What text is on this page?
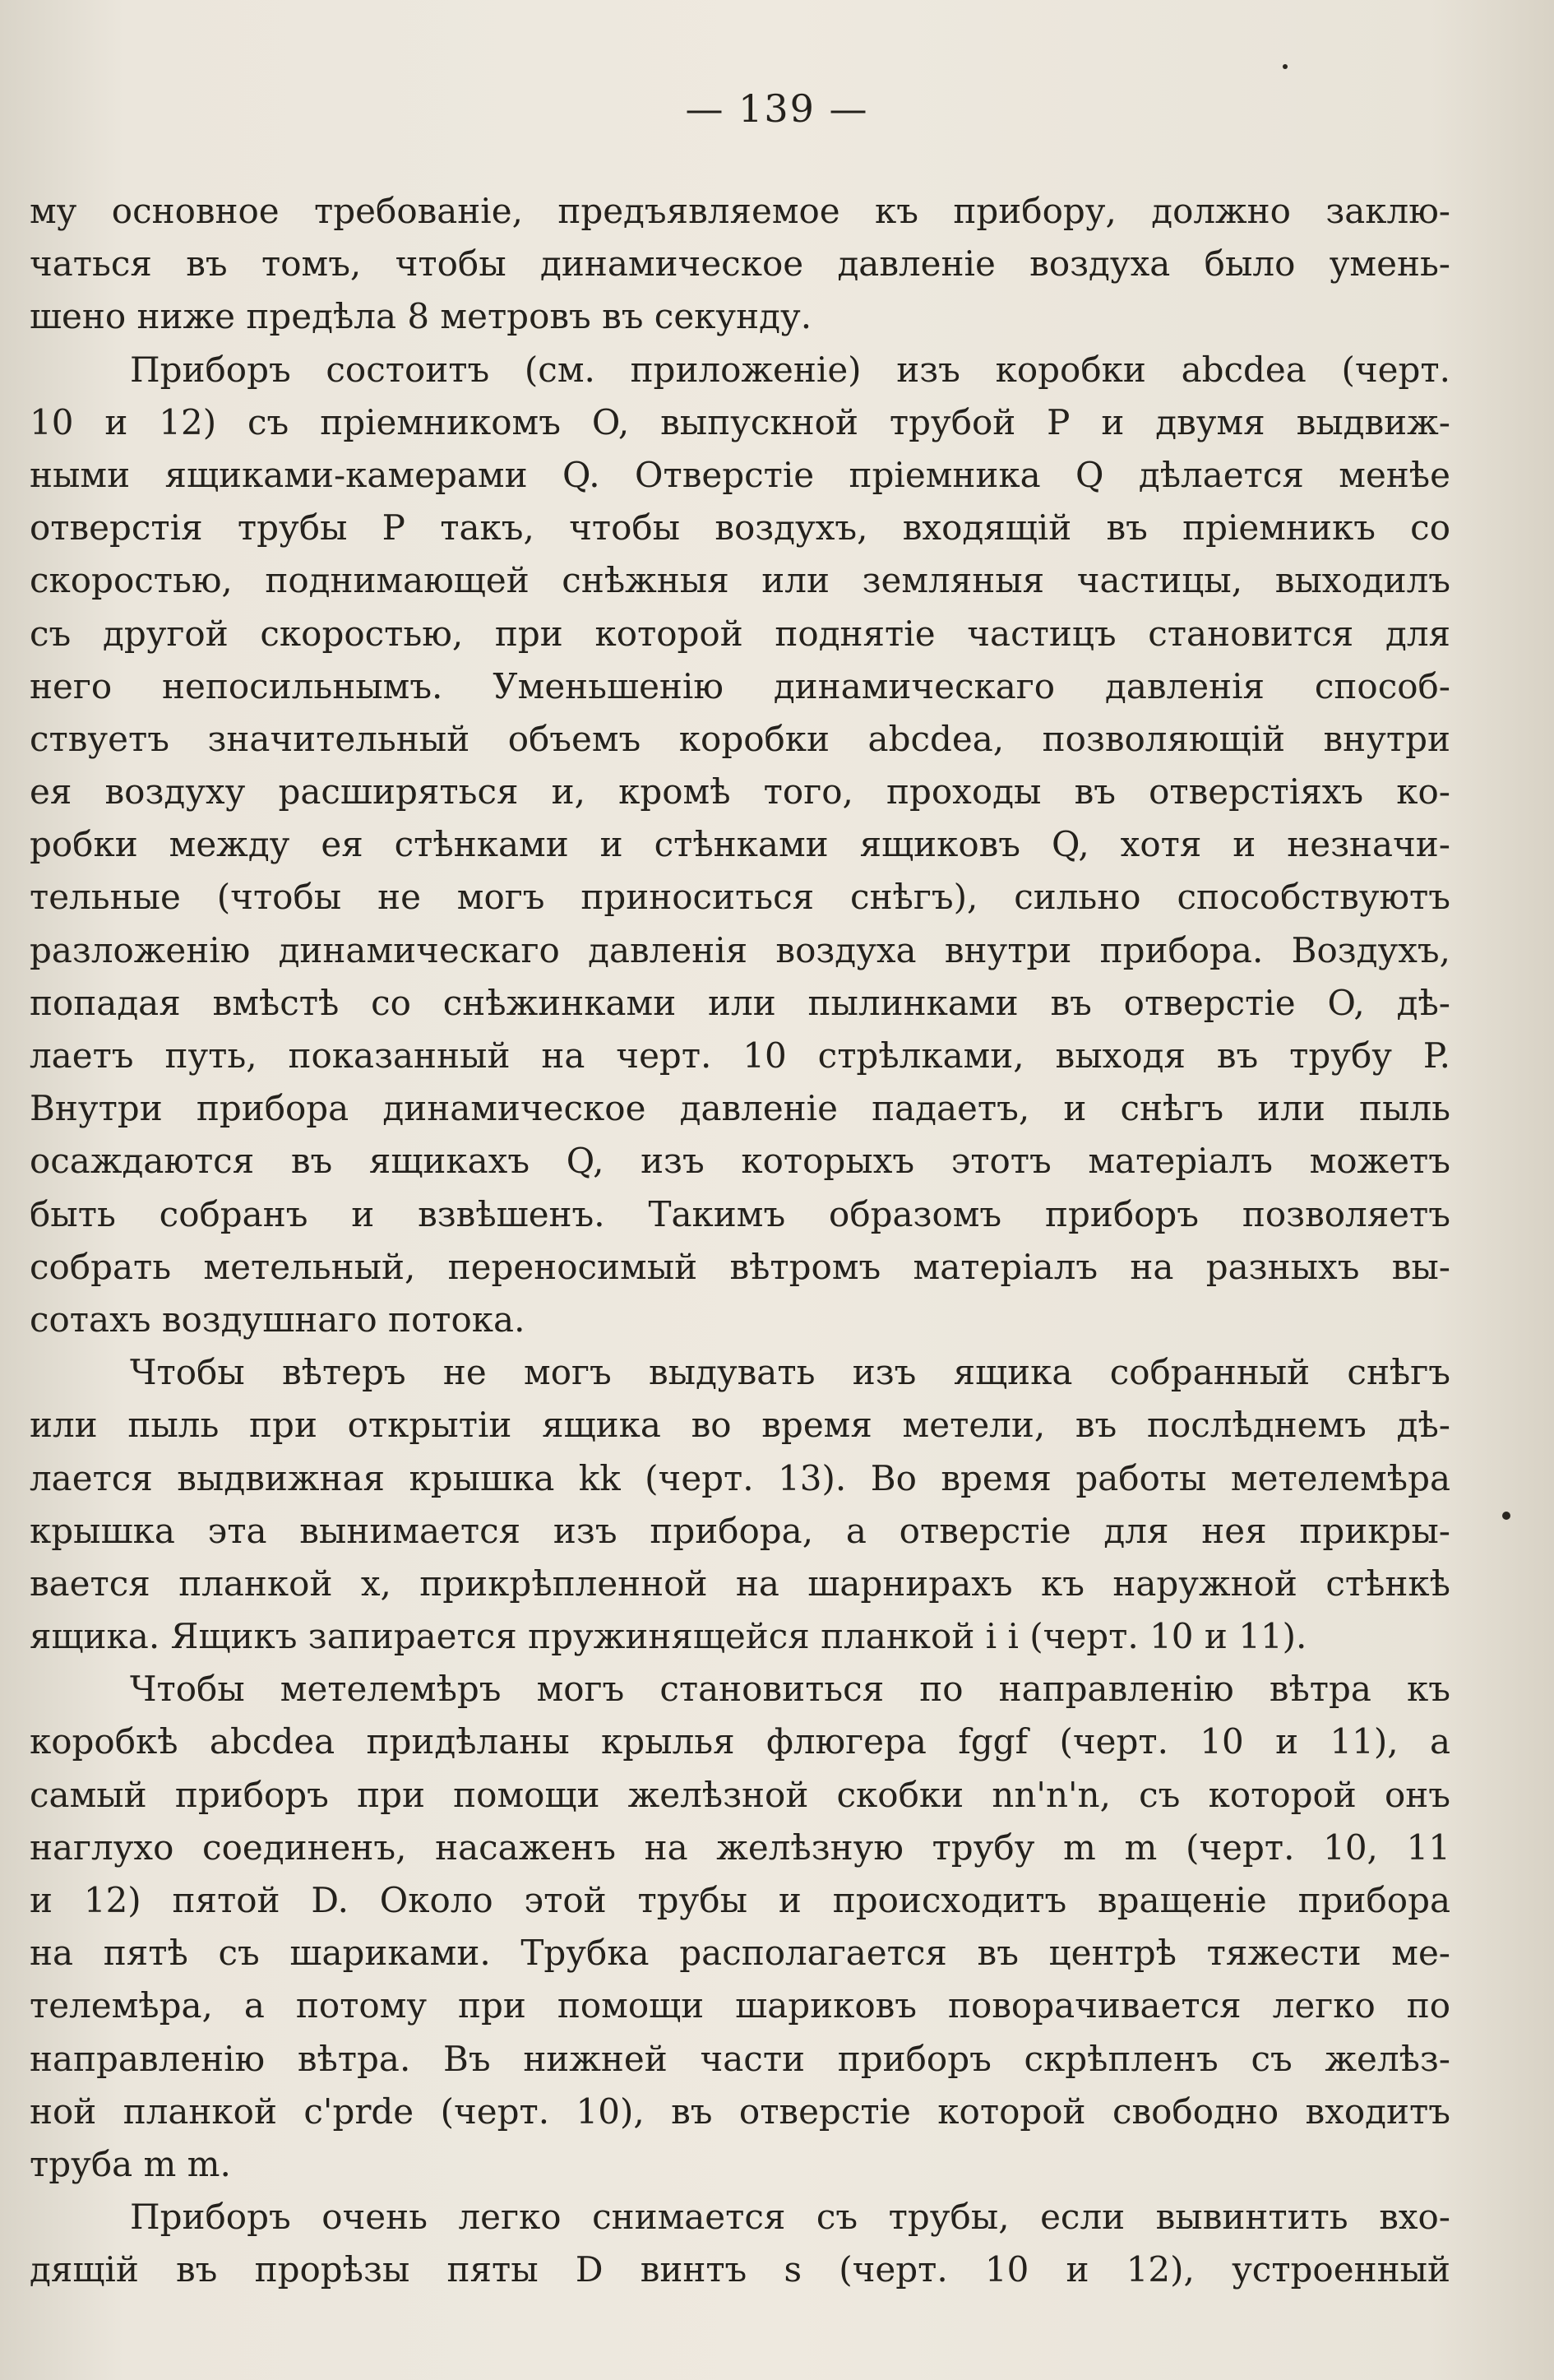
— 139 —
му основное требованіе, предъявляемое къ прибору, должно заклю-
чаться въ томъ, чтобы динамическое давленіе воздуха было умень-
шено ниже предѣла 8 метровъ въ секунду.
Приборъ состоитъ (см. приложеніе) изъ коробки abcdea (черт.
10 и 12) съ пріемникомъ O, выпускной трубой P и двумя выдвиж-
ными ящиками-камерами Q. Отверстіе пріемника Q дѣлается менѣе
отверстія трубы P такъ, чтобы воздухъ, входящій въ пріемникъ со
скоростью, поднимающей снѣжныя или земляныя частицы, выходилъ
съ другой скоростью, при которой поднятіе частицъ становится для
него непосильнымъ. Уменьшенію динамическаго давленія способ-
ствуетъ значительный объемъ коробки abcdea, позволяющій внутри
ея воздуху расширяться и, кромѣ того, проходы въ отверстіяхъ ко-
робки между ея стѣнками и стѣнками ящиковъ Q, хотя и незначи-
тельные (чтобы не могъ приноситься снѣгъ), сильно способствуютъ
разложенію динамическаго давленія воздуха внутри прибора. Воздухъ,
попадая вмѣстѣ со снѣжинками или пылинками въ отверстіе O, дѣ-
лаетъ путь, показанный на черт. 10 стрѣлками, выходя въ трубу P.
Внутри прибора динамическое давленіе падаетъ, и снѣгъ или пыль
осаждаются въ ящикахъ Q, изъ которыхъ этотъ матеріалъ можетъ
быть собранъ и взвѣшенъ. Такимъ образомъ приборъ позволяетъ
собрать метельный, переносимый вѣтромъ матеріалъ на разныхъ вы-
сотахъ воздушнаго потока.
Чтобы вѣтеръ не могъ выдувать изъ ящика собранный снѣгъ
или пыль при открытіи ящика во время метели, въ послѣднемъ дѣ-
лается выдвижная крышка kk (черт. 13). Во время работы метелемѣра
крышка эта вынимается изъ прибора, а отверстіе для нея прикры-
вается планкой x, прикрѣпленной на шарнирахъ къ наружной стѣнкѣ
ящика. Ящикъ запирается пружинящейся планкой i i (черт. 10 и 11).
Чтобы метелемѣръ могъ становиться по направленію вѣтра къ
коробкѣ abcdea придѣланы крылья флюгера fggf (черт. 10 и 11), а
самый приборъ при помощи желѣзной скобки nn'n'n, съ которой онъ
наглухо соединенъ, насаженъ на желѣзную трубу m m (черт. 10, 11
и 12) пятой D. Около этой трубы и происходитъ вращеніе прибора
на пятѣ съ шариками. Трубка располагается въ центрѣ тяжести ме-
телемѣра, а потому при помощи шариковъ поворачивается легко по
направленію вѣтра. Въ нижней части приборъ скрѣпленъ съ желѣз-
ной планкой c'prde (черт. 10), въ отверстіе которой свободно входитъ
труба m m.
Приборъ очень легко снимается съ трубы, если вывинтить вхо-
дящій въ прорѣзы пяты D винтъ s (черт. 10 и 12), устроенный
